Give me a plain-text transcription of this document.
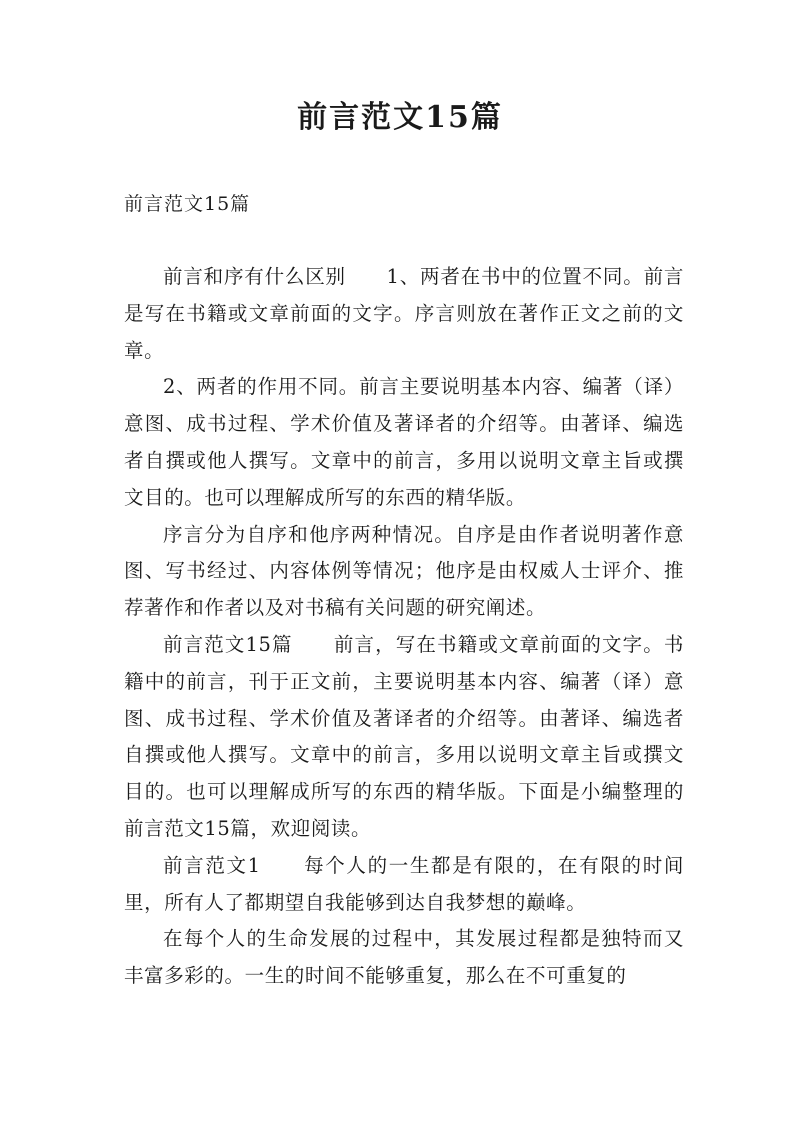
前言范文15篇

前言范文15篇

前言和序有什么区别　　1、两者在书中的位置不同。前言是写在书籍或文章前面的文字。序言则放在著作正文之前的文章。

2、两者的作用不同。前言主要说明基本内容、编著（译）意图、成书过程、学术价值及著译者的介绍等。由著译、编选者自撰或他人撰写。文章中的前言，多用以说明文章主旨或撰文目的。也可以理解成所写的东西的精华版。

序言分为自序和他序两种情况。自序是由作者说明著作意图、写书经过、内容体例等情况；他序是由权威人士评介、推荐著作和作者以及对书稿有关问题的研究阐述。

前言范文15篇　　前言，写在书籍或文章前面的文字。书籍中的前言，刊于正文前，主要说明基本内容、编著（译）意图、成书过程、学术价值及著译者的介绍等。由著译、编选者自撰或他人撰写。文章中的前言，多用以说明文章主旨或撰文目的。也可以理解成所写的东西的精华版。下面是小编整理的前言范文15篇，欢迎阅读。

前言范文1　　每个人的一生都是有限的，在有限的时间里，所有人了都期望自我能够到达自我梦想的巅峰。

在每个人的生命发展的过程中，其发展过程都是独特而又丰富多彩的。一生的时间不能够重复，那么在不可重复的
